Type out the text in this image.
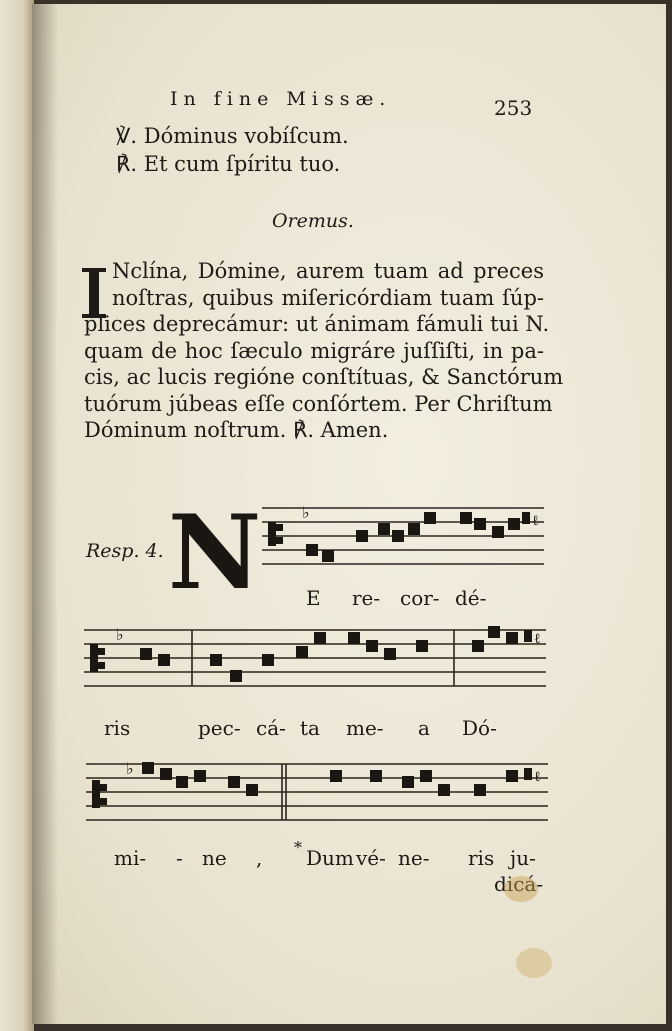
In fine Missæ.	253
℣. Dóminus vobíſcum.
℟. Et cum ſpíritu tuo.
Oremus.
Nclína, Dómine, aurem tuam ad preces
noſtras, quibus miſericórdiam tuam ſúp-
plices deprecámur: ut ánimam fámuli tui N.
quam de hoc ſæculo migráre juſſiſti, in pa-
cis, ac lucis regióne conſtítuas, & Sanctórum
tuórum júbeas eſſe conſórtem. Per Chriſtum
Dóminum noſtrum. ℟. Amen.
Resp. 4. N	♭	ℓ
E re- cor- dé-
♭	ℓ
ris	pec- cá- ta me- a Dó-
♭	ℓ
mi- - ne , * Dum vé- ne- ris ju-
dicá-
